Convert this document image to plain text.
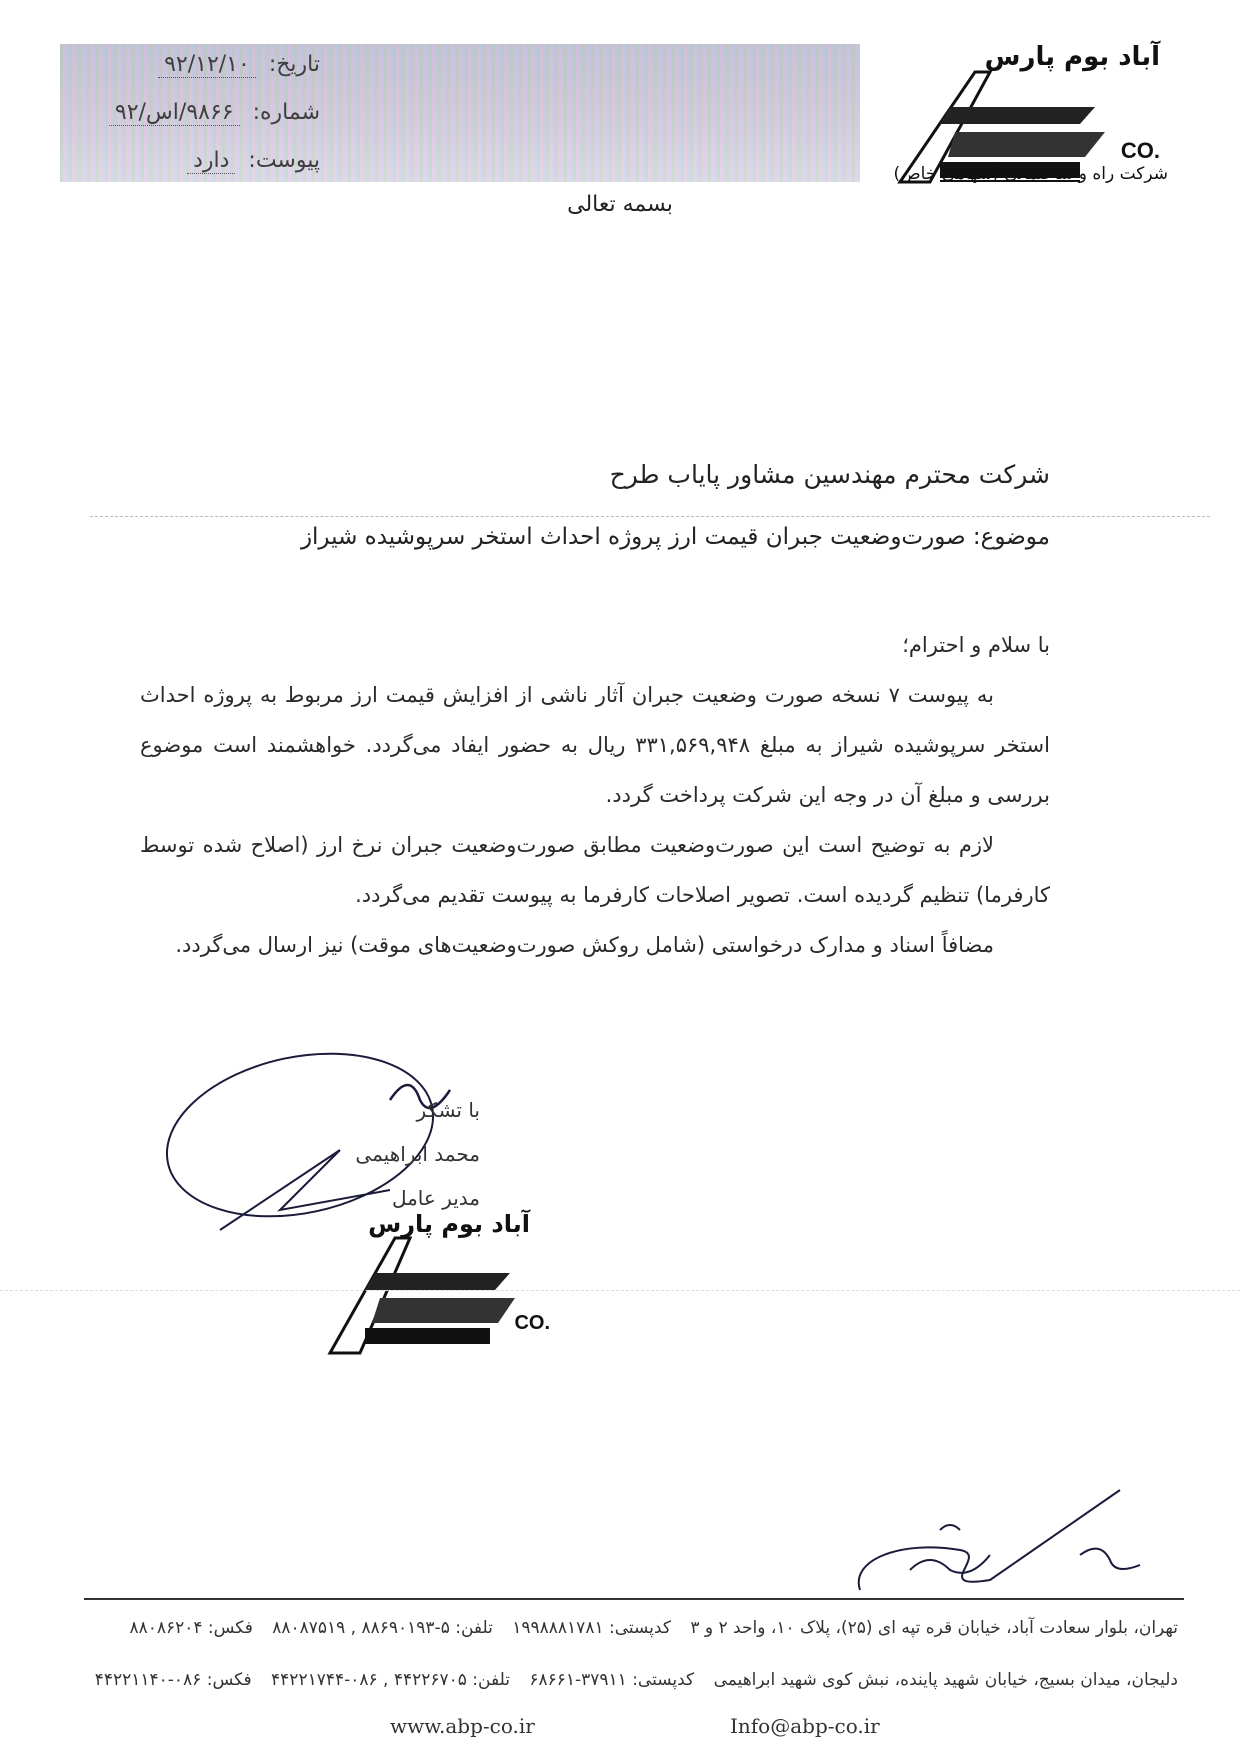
تاریخ: ۹۲/۱۲/۱۰
شماره: ۹۸۶۶/اس/۹۲
پیوست: دارد
آباد بوم پارس
CO.
شرکت راه و ساختمانی (سهامی خاص)
بسمه تعالی
شرکت محترم مهندسین مشاور پایاب طرح
موضوع: صورت‌وضعیت جبران قیمت ارز پروژه احداث استخر سرپوشیده شیراز

با سلام و احترام؛

به پیوست ۷ نسخه صورت وضعیت جبران آثار ناشی از افزایش قیمت ارز مربوط به پروژه احداث استخر سرپوشیده شیراز به مبلغ ۳۳۱,۵۶۹,۹۴۸ ریال به حضور ایفاد می‌گردد. خواهشمند است موضوع بررسی و مبلغ آن در وجه این شرکت پرداخت گردد.

لازم به توضیح است این صورت‌وضعیت مطابق صورت‌وضعیت جبران نرخ ارز (اصلاح شده توسط کارفرما) تنظیم گردیده است. تصویر اصلاحات کارفرما به پیوست تقدیم می‌گردد.

مضافاً اسناد و مدارک درخواستی (شامل روکش صورت‌وضعیت‌های موقت) نیز ارسال می‌گردد.

با تشکر
محمد ابراهیمی
مدیر عامل
آباد بوم پارس
CO.
تهران، بلوار سعادت آباد، خیابان قره تپه ای (۲۵)، پلاک ۱۰، واحد ۲ و ۳ کدپستی: ۱۹۹۸۸۸۱۷۸۱ تلفن: ۵-۸۸۶۹۰۱۹۳ , ۸۸۰۸۷۵۱۹ فکس: ۸۸۰۸۶۲۰۴
دلیجان، میدان بسیج، خیابان شهید پاینده، نبش کوی شهید ابراهیمی کدپستی: ۳۷۹۱۱-۶۸۶۶۱ تلفن: ۴۴۲۲۶۷۰۵ , ۰۸۶-۴۴۲۲۱۷۴۴ فکس: ۰۸۶-۴۴۲۲۱۱۴۰
www.abp-co.ir	Info@abp-co.ir
